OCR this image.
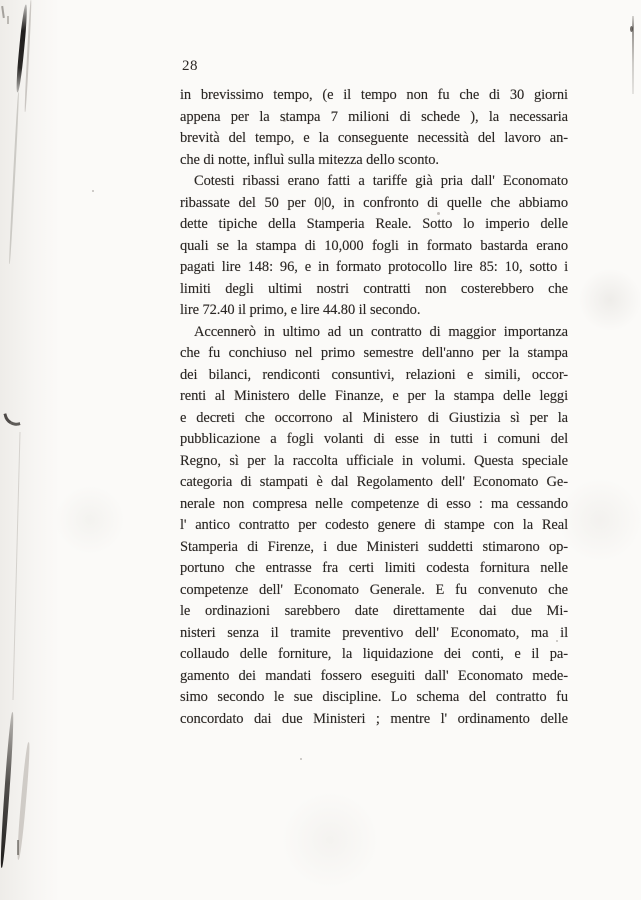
28
in brevissimo tempo, (e il tempo non fu che di 30 giorni
appena per la stampa 7 milioni di schede ), la necessaria
brevità del tempo, e la conseguente necessità del lavoro an-
che di notte, influì sulla mitezza dello sconto.
Cotesti ribassi erano fatti a tariffe già pria dall' Economato
ribassate del 50 per 0|0, in confronto di quelle che abbiamo
dette tipiche della Stamperia Reale. Sotto lo imperio delle
quali se la stampa di 10,000 fogli in formato bastarda erano
pagati lire 148: 96, e in formato protocollo lire 85: 10, sotto i
limiti degli ultimi nostri contratti non costerebbero che
lire 72.40 il primo, e lire 44.80 il secondo.
Accennerò in ultimo ad un contratto di maggior importanza
che fu conchiuso nel primo semestre dell'anno per la stampa
dei bilanci, rendiconti consuntivi, relazioni e simili, occor-
renti al Ministero delle Finanze, e per la stampa delle leggi
e decreti che occorrono al Ministero di Giustizia sì per la
pubblicazione a fogli volanti di esse in tutti i comuni del
Regno, sì per la raccolta ufficiale in volumi. Questa speciale
categoria di stampati è dal Regolamento dell' Economato Ge-
nerale non compresa nelle competenze di esso : ma cessando
l' antico contratto per codesto genere di stampe con la Real
Stamperia di Firenze, i due Ministeri suddetti stimarono op-
portuno che entrasse fra certi limiti codesta fornitura nelle
competenze dell' Economato Generale. E fu convenuto che
le ordinazioni sarebbero date direttamente dai due Mi-
nisteri senza il tramite preventivo dell' Economato, ma il
collaudo delle forniture, la liquidazione dei conti, e il pa-
gamento dei mandati fossero eseguiti dall' Economato mede-
simo secondo le sue discipline. Lo schema del contratto fu
concordato dai due Ministeri ; mentre l' ordinamento delle
